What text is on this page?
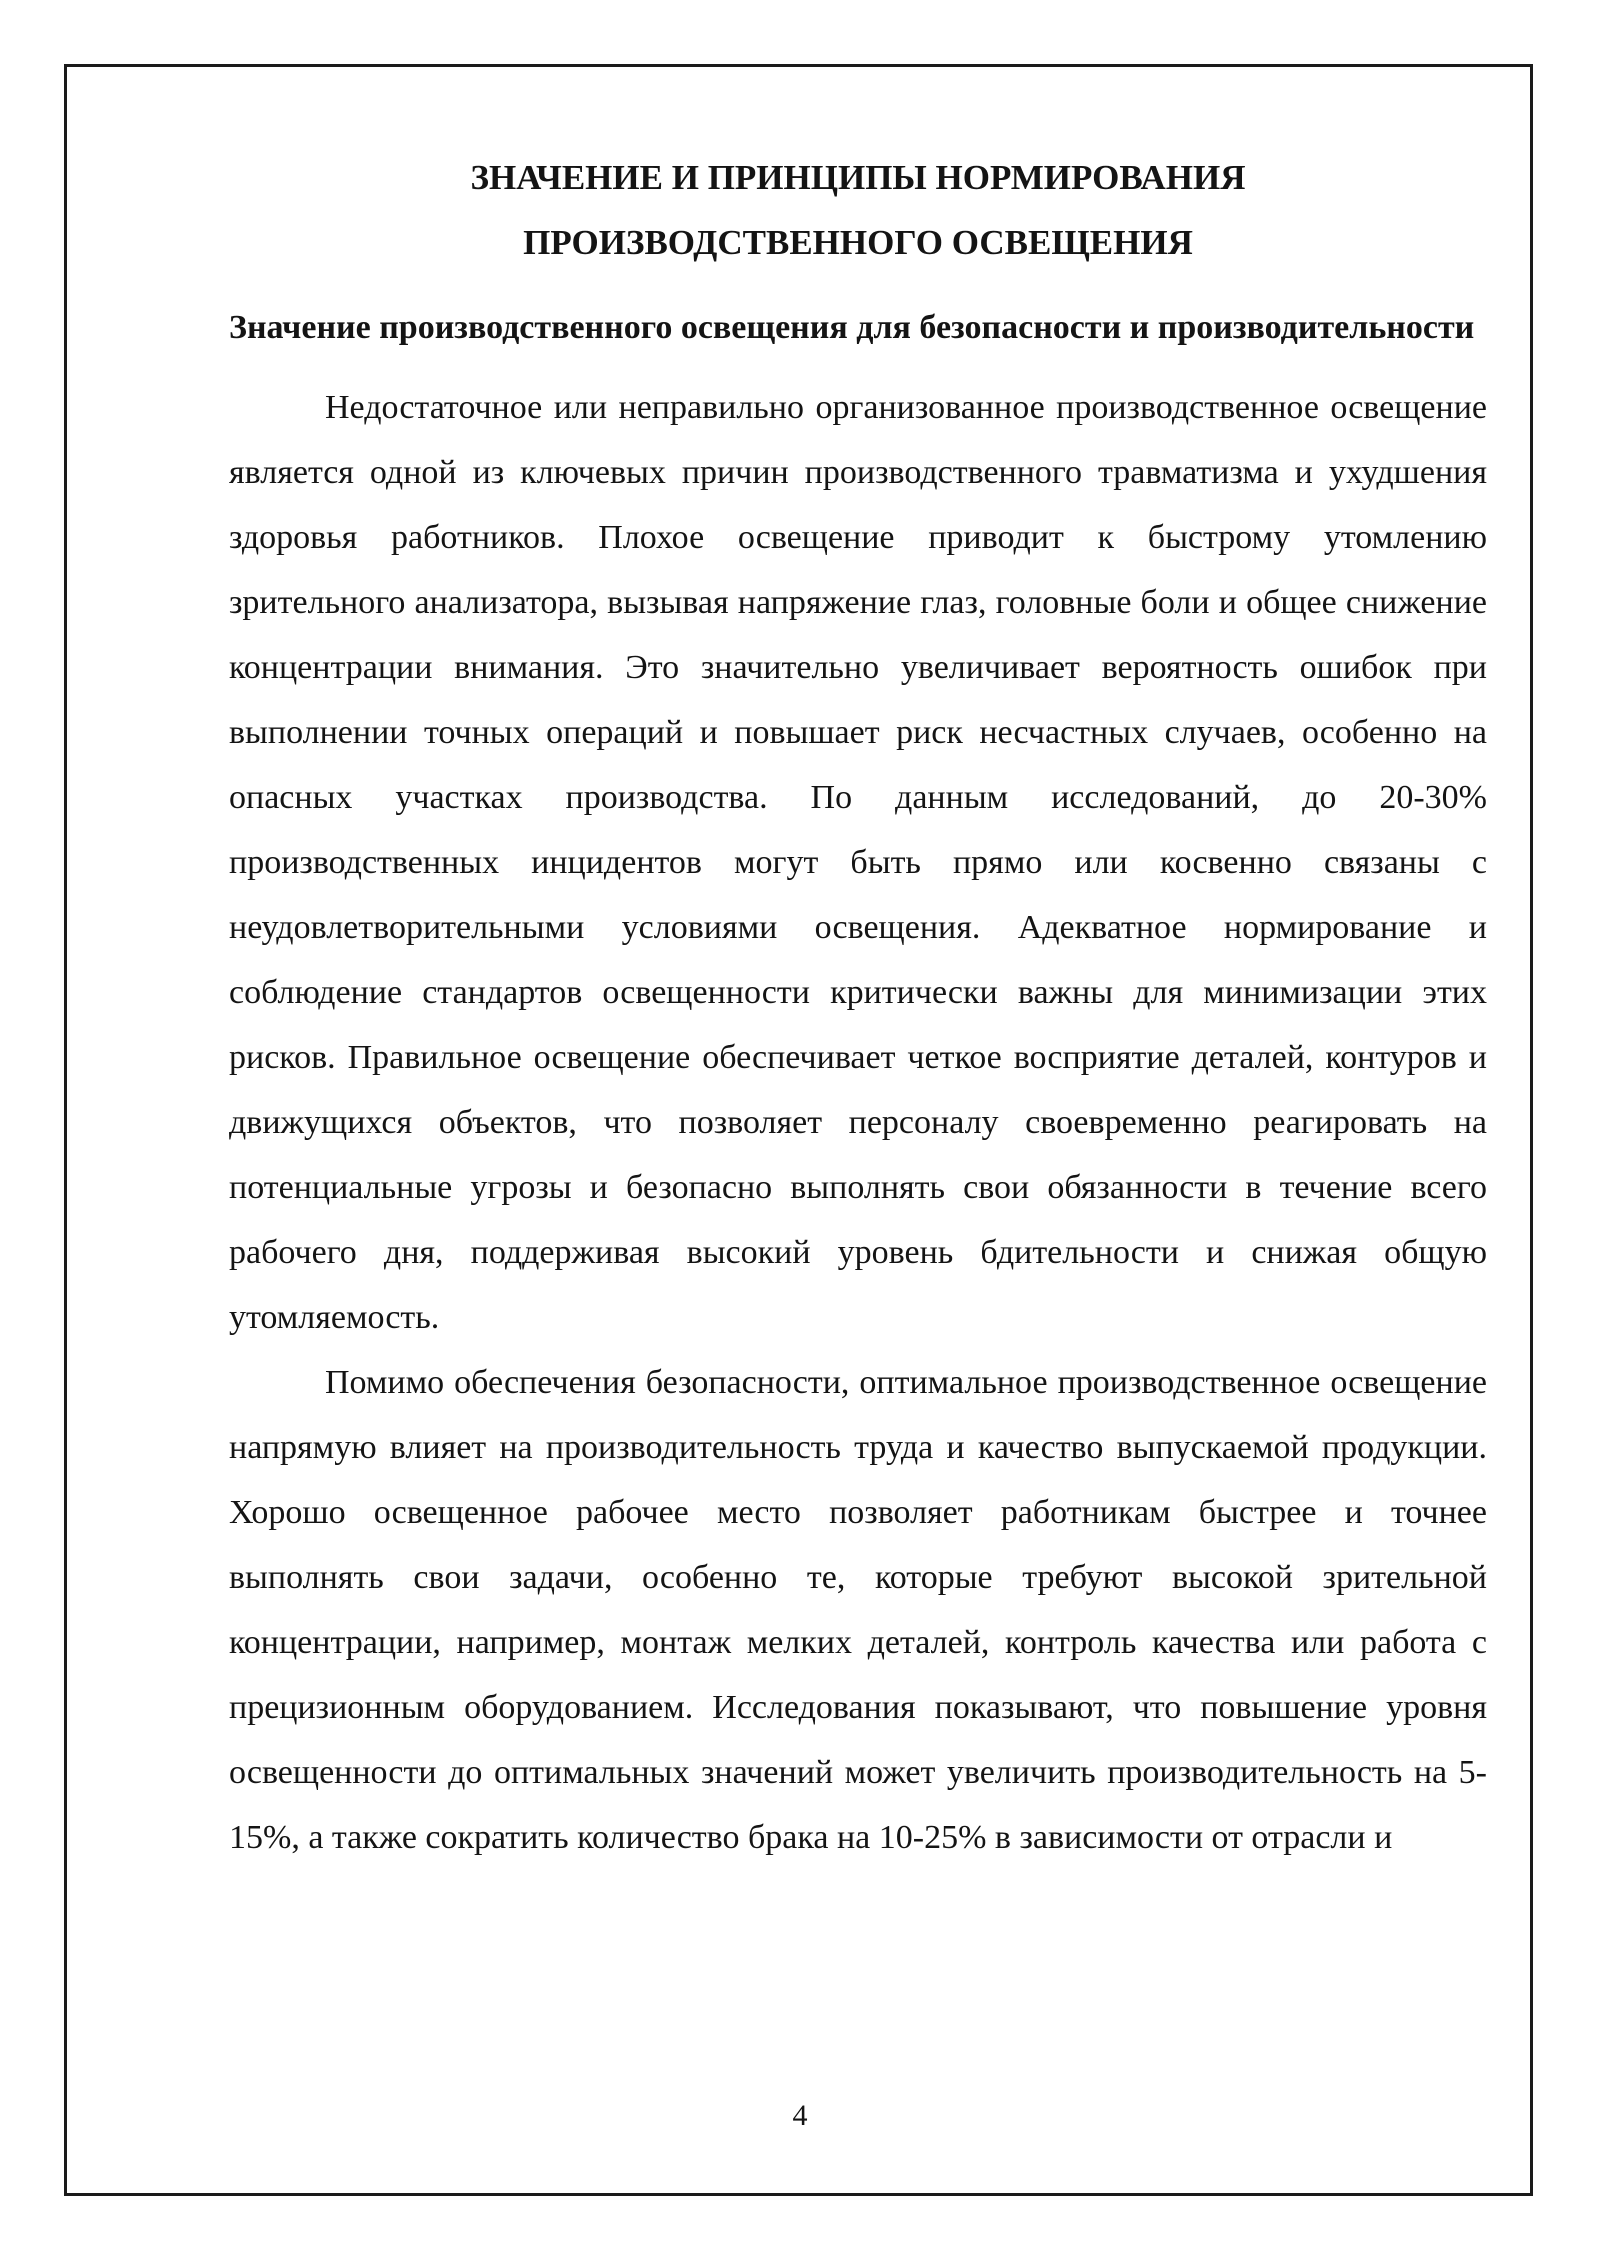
ЗНАЧЕНИЕ И ПРИНЦИПЫ НОРМИРОВАНИЯ
ПРОИЗВОДСТВЕННОГО ОСВЕЩЕНИЯ
Значение производственного освещения для безопасности и производительности

Недостаточное или неправильно организованное производственное освещение является одной из ключевых причин производственного травматизма и ухудшения здоровья работников. Плохое освещение приводит к быстрому утомлению зрительного анализатора, вызывая напряжение глаз, головные боли и общее снижение концентрации внимания. Это значительно увеличивает вероятность ошибок при выполнении точных операций и повышает риск несчастных случаев, особенно на опасных участках производства. По данным исследований, до 20-30% производственных инцидентов могут быть прямо или косвенно связаны с неудовлетворительными условиями освещения. Адекватное нормирование и соблюдение стандартов освещенности критически важны для минимизации этих рисков. Правильное освещение обеспечивает четкое восприятие деталей, контуров и движущихся объектов, что позволяет персоналу своевременно реагировать на потенциальные угрозы и безопасно выполнять свои обязанности в течение всего рабочего дня, поддерживая высокий уровень бдительности и снижая общую утомляемость.

Помимо обеспечения безопасности, оптимальное производственное освещение напрямую влияет на производительность труда и качество выпускаемой продукции. Хорошо освещенное рабочее место позволяет работникам быстрее и точнее выполнять свои задачи, особенно те, которые требуют высокой зрительной концентрации, например, монтаж мелких деталей, контроль качества или работа с прецизионным оборудованием. Исследования показывают, что повышение уровня освещенности до оптимальных значений может увеличить производительность на 5-15%, а также сократить количество брака на 10-25% в зависимости от отрасли и

4
